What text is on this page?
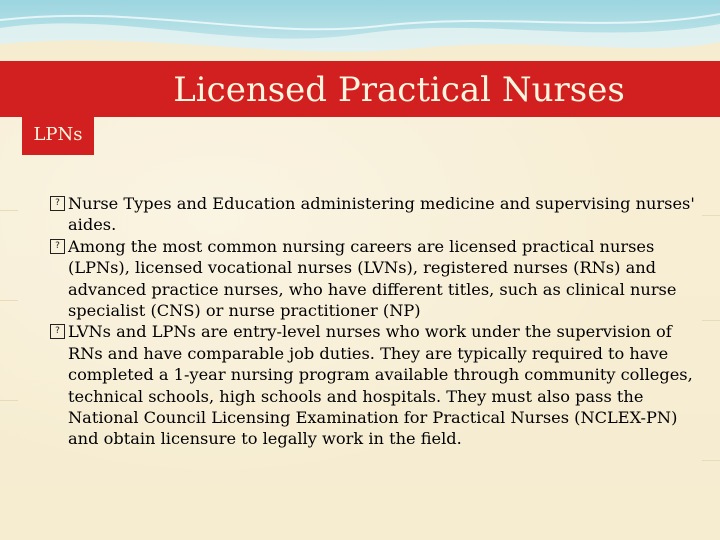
Licensed Practical Nurses
LPNs
? Nurse Types and Education administering medicine and supervising nurses' aides.
? Among the most common nursing careers are licensed practical nurses (LPNs), licensed vocational nurses (LVNs), registered nurses (RNs) and advanced practice nurses, who have different titles, such as clinical nurse specialist (CNS) or nurse practitioner (NP)
? LVNs and LPNs are entry-level nurses who work under the supervision of RNs and have comparable job duties. They are typically required to have completed a 1-year nursing program available through community colleges, technical schools, high schools and hospitals. They must also pass the National Council Licensing Examination for Practical Nurses (NCLEX-PN) and obtain licensure to legally work in the field.
